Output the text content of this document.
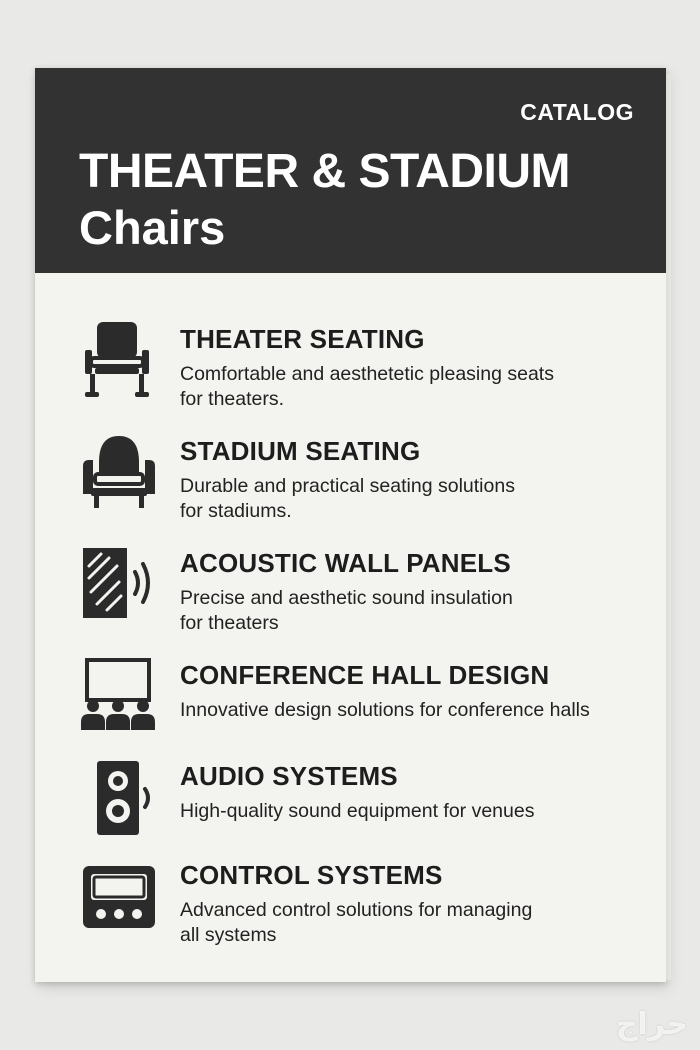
CATALOG
THEATER & STADIUM
Chairs
THEATER SEATING
Comfortable and aesthetetic pleasing seats
for theaters.
STADIUM SEATING
Durable and practical seating solutions
for stadiums.
ACOUSTIC WALL PANELS
Precise and aesthetic sound insulation
for theaters
CONFERENCE HALL DESIGN
Innovative design solutions for conference halls
AUDIO SYSTEMS
High-quality sound equipment for venues
CONTROL SYSTEMS
Advanced control solutions for managing
all systems
حراج
